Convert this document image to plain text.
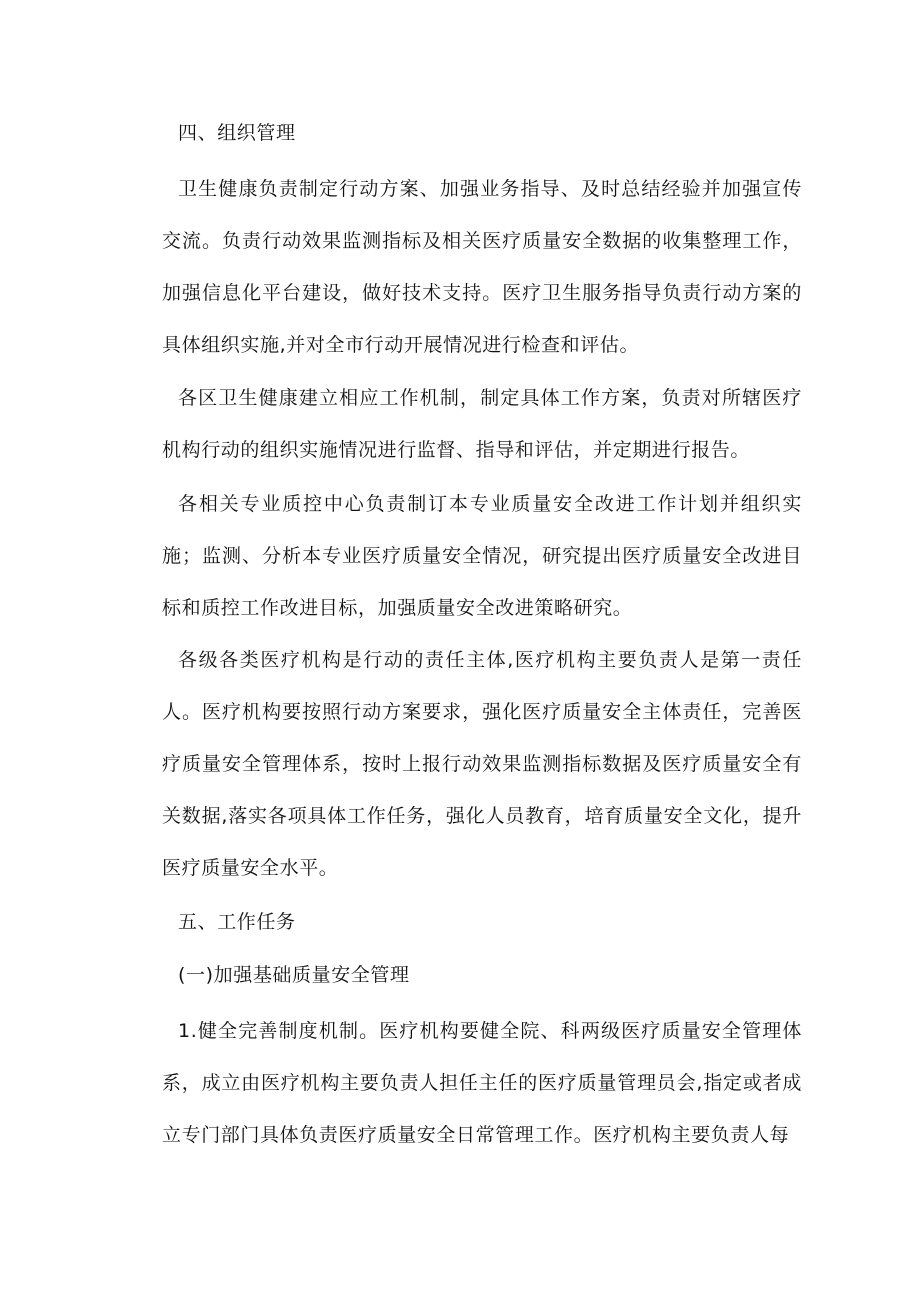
四、组织管理

卫生健康负责制定行动方案、加强业务指导、及时总结经验并加强宣传交流。负责行动效果监测指标及相关医疗质量安全数据的收集整理工作，加强信息化平台建设，做好技术支持。医疗卫生服务指导负责行动方案的具体组织实施,并对全市行动开展情况进行检查和评估。

各区卫生健康建立相应工作机制，制定具体工作方案，负责对所辖医疗机构行动的组织实施情况进行监督、指导和评估，并定期进行报告。

各相关专业质控中心负责制订本专业质量安全改进工作计划并组织实施；监测、分析本专业医疗质量安全情况，研究提出医疗质量安全改进目标和质控工作改进目标，加强质量安全改进策略研究。

各级各类医疗机构是行动的责任主体,医疗机构主要负责人是第一责任人。医疗机构要按照行动方案要求，强化医疗质量安全主体责任，完善医疗质量安全管理体系，按时上报行动效果监测指标数据及医疗质量安全有关数据,落实各项具体工作任务，强化人员教育，培育质量安全文化，提升医疗质量安全水平。

五、工作任务
(一)加强基础质量安全管理

1.健全完善制度机制。医疗机构要健全院、科两级医疗质量安全管理体系，成立由医疗机构主要负责人担任主任的医疗质量管理员会,指定或者成立专门部门具体负责医疗质量安全日常管理工作。医疗机构主要负责人每
